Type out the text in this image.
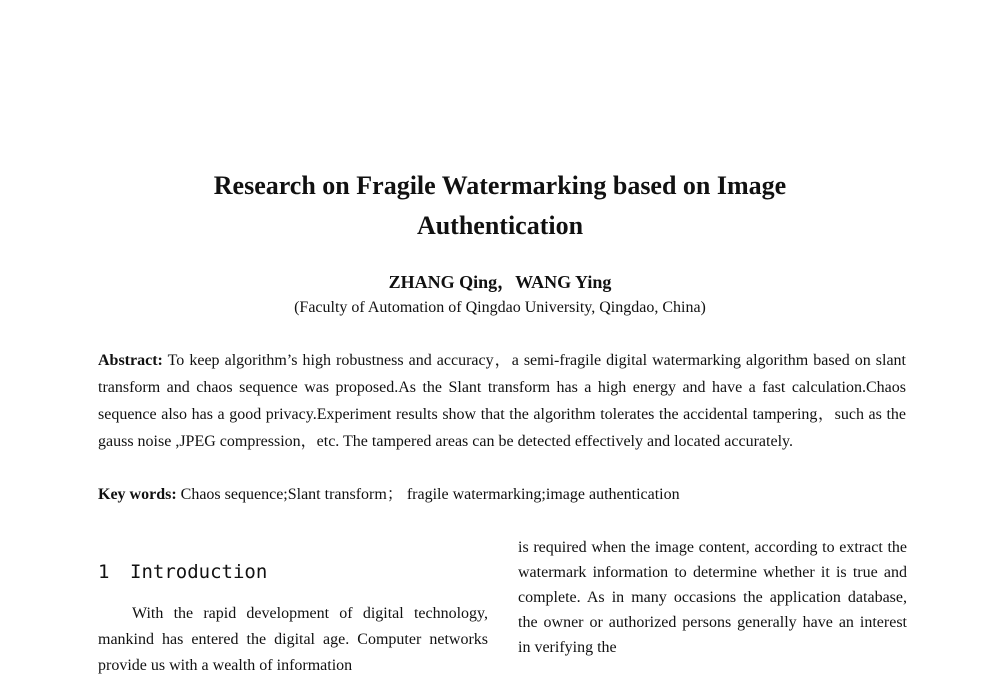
Research on Fragile Watermarking based on Image
Authentication
ZHANG Qing，WANG Ying
(Faculty of Automation of Qingdao University, Qingdao, China)

Abstract: To keep algorithm’s high robustness and accuracy，a semi-fragile digital watermarking algorithm based on slant transform and chaos sequence was proposed.As the Slant transform has a high energy and have a fast calculation.Chaos sequence also has a good privacy.Experiment results show that the algorithm tolerates the accidental tampering，such as the gauss noise ,JPEG compression，etc. The tampered areas can be detected effectively and located accurately.

Key words: Chaos sequence;Slant transform； fragile watermarking;image authentication

1 Introduction

With the rapid development of digital technology, mankind has entered the digital age. Computer networks provide us with a wealth of information

is required when the image content, according to extract the watermark information to determine whether it is true and complete. As in many occasions the application database, the owner or authorized persons generally have an interest in verifying the
